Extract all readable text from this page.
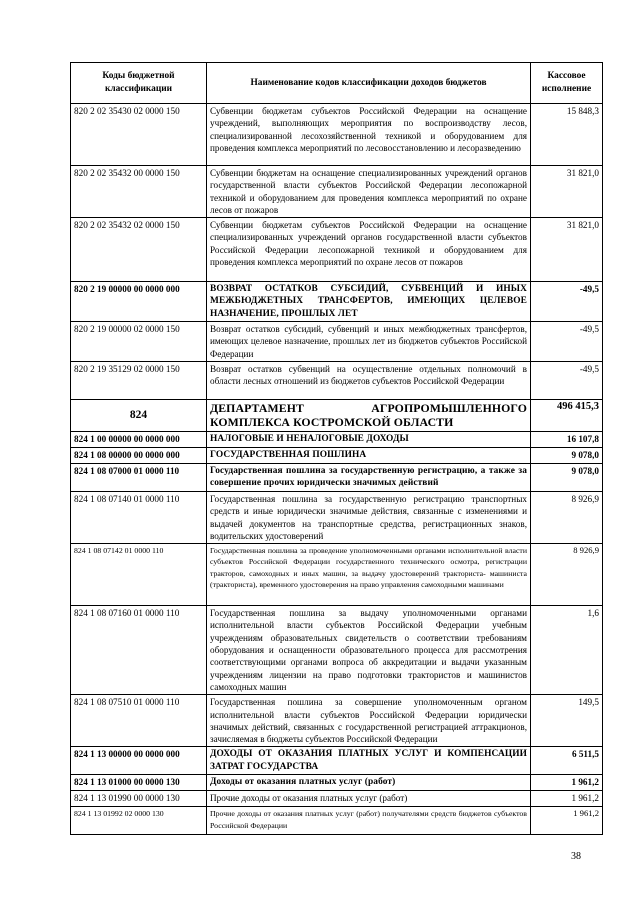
Коды бюджетной классификации	Наименование кодов классификации доходов бюджетов	Кассовое исполнение
820 2 02 35430 02 0000 150	Субвенции бюджетам субъектов Российской Федерации на оснащение учреждений, выполняющих мероприятия по воспроизводству лесов, специализированной лесохозяйственной техникой и оборудованием для проведения комплекса мероприятий по лесовосстановлению и лесоразведению	15 848,3
820 2 02 35432 00 0000 150	Субвенции бюджетам на оснащение специализированных учреждений органов государственной власти субъектов Российской Федерации лесопожарной техникой и оборудованием для проведения комплекса мероприятий по охране лесов от пожаров	31 821,0
820 2 02 35432 02 0000 150	Субвенции бюджетам субъектов Российской Федерации на оснащение специализированных учреждений органов государственной власти субъектов Российской Федерации лесопожарной техникой и оборудованием для проведения комплекса мероприятий по охране лесов от пожаров	31 821,0
820 2 19 00000 00 0000 000	ВОЗВРАТ ОСТАТКОВ СУБСИДИЙ, СУБВЕНЦИЙ И ИНЫХ МЕЖБЮДЖЕТНЫХ ТРАНСФЕРТОВ, ИМЕЮЩИХ ЦЕЛЕВОЕ НАЗНАЧЕНИЕ, ПРОШЛЫХ ЛЕТ	-49,5
820 2 19 00000 02 0000 150	Возврат остатков субсидий, субвенций и иных межбюджетных трансфертов, имеющих целевое назначение, прошлых лет из бюджетов субъектов Российской Федерации	-49,5
820 2 19 35129 02 0000 150	Возврат остатков субвенций на осуществление отдельных полномочий в области лесных отношений из бюджетов субъектов Российской Федерации	-49,5
824	ДЕПАРТАМЕНТ АГРОПРОМЫШЛЕННОГО КОМПЛЕКСА КОСТРОМСКОЙ ОБЛАСТИ	496 415,3
824 1 00 00000 00 0000 000	НАЛОГОВЫЕ И НЕНАЛОГОВЫЕ ДОХОДЫ	16 107,8
824 1 08 00000 00 0000 000	ГОСУДАРСТВЕННАЯ ПОШЛИНА	9 078,0
824 1 08 07000 01 0000 110	Государственная пошлина за государственную регистрацию, а также за совершение прочих юридически значимых действий	9 078,0
824 1 08 07140 01 0000 110	Государственная пошлина за государственную регистрацию транспортных средств и иные юридически значимые действия, связанные с изменениями и выдачей документов на транспортные средства, регистрационных знаков, водительских удостоверений	8 926,9
824 1 08 07142 01 0000 110	Государственная пошлина за проведение уполномоченными органами исполнительной власти субъектов Российской Федерации государственного технического осмотра, регистрации тракторов, самоходных и иных машин, за выдачу удостоверений тракториста- машиниста (тракториста), временного удостоверения на право управления самоходными машинами	8 926,9
824 1 08 07160 01 0000 110	Государственная пошлина за выдачу уполномоченными органами исполнительной власти субъектов Российской Федерации учебным учреждениям образовательных свидетельств о соответствии требованиям оборудования и оснащенности образовательного процесса для рассмотрения соответствующими органами вопроса об аккредитации и выдачи указанным учреждениям лицензии на право подготовки трактористов и машинистов самоходных машин	1,6
824 1 08 07510 01 0000 110	Государственная пошлина за совершение уполномоченным органом исполнительной власти субъектов Российской Федерации юридически значимых действий, связанных с государственной регистрацией аттракционов, зачисляемая в бюджеты субъектов Российской Федерации	149,5
824 1 13 00000 00 0000 000	ДОХОДЫ ОТ ОКАЗАНИЯ ПЛАТНЫХ УСЛУГ И КОМПЕНСАЦИИ ЗАТРАТ ГОСУДАРСТВА	6 511,5
824 1 13 01000 00 0000 130	Доходы от оказания платных услуг (работ)	1 961,2
824 1 13 01990 00 0000 130	Прочие доходы от оказания платных услуг (работ)	1 961,2
824 1 13 01992 02 0000 130	Прочие доходы от оказания платных услуг (работ) получателями средств бюджетов субъектов Российской Федерации	1 961,2
38
